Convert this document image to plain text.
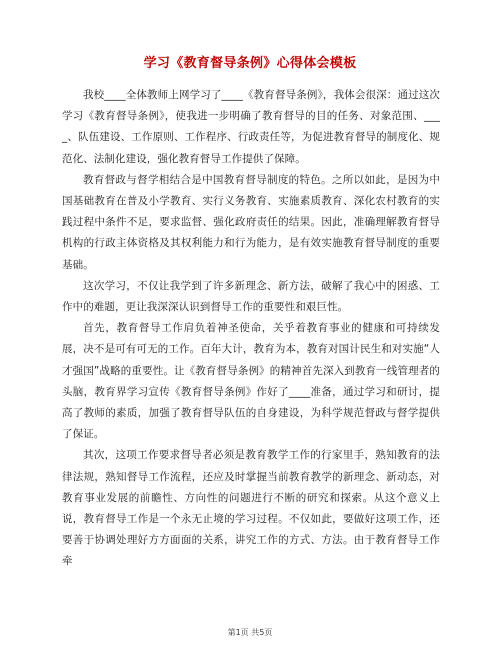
学习《教育督导条例》心得体会模板

我校____全体教师上网学习了____《教育督导条例》，我体会很深：通过这次学习《教育督导条例》，使我进一步明确了教育督导的目的任务、对象范围、____、队伍建设、工作原则、工作程序、行政责任等，为促进教育督导的制度化、规范化、法制化建设，强化教育督导工作提供了保障。

教育督政与督学相结合是中国教育督导制度的特色。之所以如此，是因为中国基础教育在普及小学教育、实行义务教育、实施素质教育、深化农村教育的实践过程中条件不足，要求监督、强化政府责任的结果。因此，准确理解教育督导机构的行政主体资格及其权利能力和行为能力，是有效实施教育督导制度的重要基础。

这次学习，不仅让我学到了许多新理念、新方法，破解了我心中的困惑、工作中的难题，更让我深深认识到督导工作的重要性和艰巨性。

首先，教育督导工作肩负着神圣使命，关乎着教育事业的健康和可持续发展，决不是可有可无的工作。百年大计，教育为本，教育对国计民生和对实施“人才强国”战略的重要性。让《教育督导条例》的精神首先深入到教育一线管理者的头脑，教育界学习宣传《教育督导条例》作好了____准备，通过学习和研讨，提高了教师的素质，加强了教育督导队伍的自身建设，为科学规范督政与督学提供了保证。

其次，这项工作要求督导者必须是教育教学工作的行家里手，熟知教育的法律法规，熟知督导工作流程，还应及时掌握当前教育教学的新理念、新动态，对教育事业发展的前瞻性、方向性的问题进行不断的研究和探索。从这个意义上说，教育督导工作是一个永无止境的学习过程。不仅如此，要做好这项工作，还要善于协调处理好方方面面的关系，讲究工作的方式、方法。由于教育督导工作牵

第1页 共5页
